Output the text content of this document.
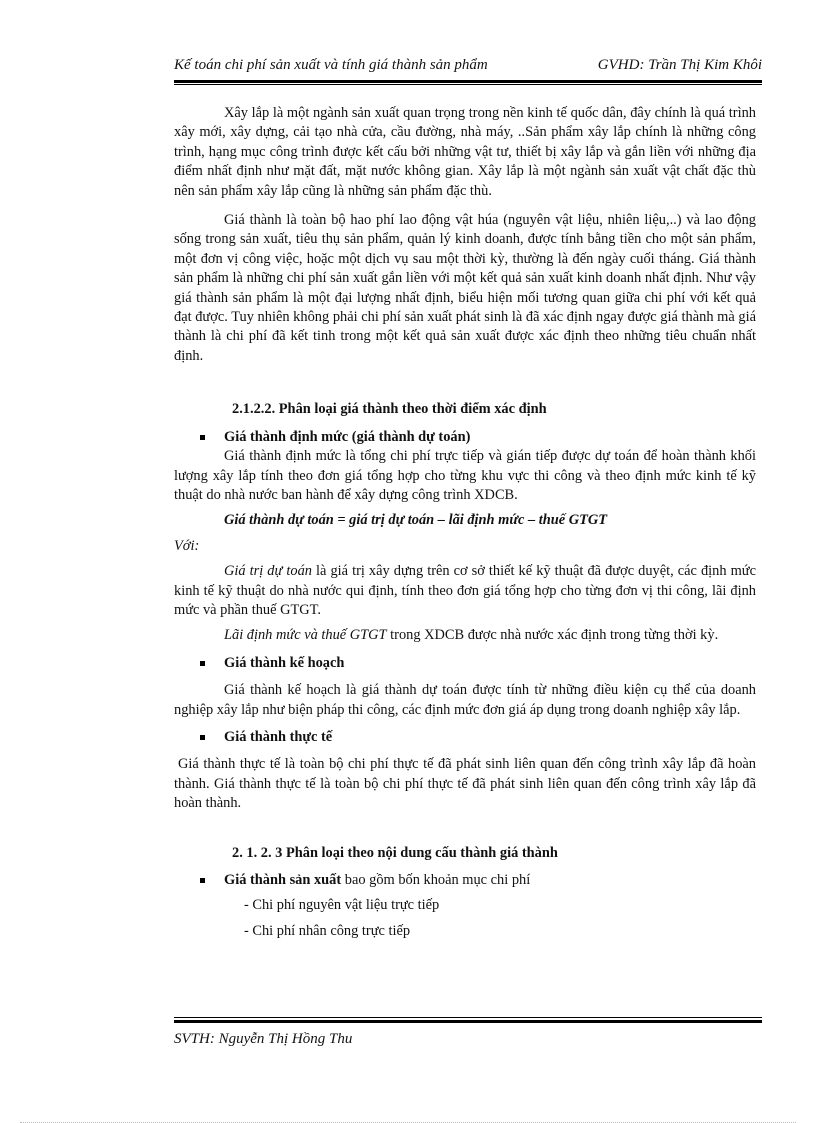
Kế toán chi phí sản xuất và tính giá thành sản phẩm	GVHD: Trần Thị Kim Khôi

Xây lắp là một ngành sản xuất quan trọng trong nền kinh tế quốc dân, đây chính là quá trình xây mới, xây dựng, cải tạo nhà cửa, cầu đường, nhà máy, ..Sản phẩm xây lắp chính là những công trình, hạng mục công trình được kết cấu bởi những vật tư, thiết bị xây lắp và gắn liền với những địa điểm nhất định như mặt đất, mặt nước không gian. Xây lắp là một ngành sản xuất vật chất đặc thù nên sản phẩm xây lắp cũng là những sản phẩm đặc thù.

Giá thành là toàn bộ hao phí lao động vật húa (nguyên vật liệu, nhiên liệu,..) và lao động sống trong sản xuất, tiêu thụ sản phẩm, quản lý kinh doanh, được tính bằng tiền cho một sản phẩm, một đơn vị công việc, hoặc một dịch vụ sau một thời kỳ, thường là đến ngày cuối tháng. Giá thành sản phẩm là những chi phí sản xuất gắn liền với một kết quả sản xuất kinh doanh nhất định. Như vậy giá thành sản phẩm là một đại lượng nhất định, biểu hiện mối tương quan giữa chi phí với kết quả đạt được. Tuy nhiên không phải chi phí sản xuất phát sinh là đã xác định ngay được giá thành mà giá thành là chi phí đã kết tinh trong một kết quả sản xuất được xác định theo những tiêu chuẩn nhất định.

2.1.2.2. Phân loại giá thành theo thời điểm xác định
Giá thành định mức (giá thành dự toán)

Giá thành định mức là tổng chi phí trực tiếp và gián tiếp được dự toán để hoàn thành khối lượng xây lắp tính theo đơn giá tổng hợp cho từng khu vực thi công và theo định mức kinh tế kỹ thuật do nhà nước ban hành để xây dựng công trình XDCB.

Giá thành dự toán = giá trị dự toán – lãi định mức – thuế GTGT
Với:

Giá trị dự toán là giá trị xây dựng trên cơ sở thiết kế kỹ thuật đã được duyệt, các định mức kinh tế kỹ thuật do nhà nước qui định, tính theo đơn giá tổng hợp cho từng đơn vị thi công, lãi định mức và phần thuế GTGT.

Lãi định mức và thuế GTGT trong XDCB được nhà nước xác định trong từng thời kỳ.

Giá thành kế hoạch

Giá thành kế hoạch là giá thành dự toán được tính từ những điều kiện cụ thể của doanh nghiệp xây lắp như biện pháp thi công, các định mức đơn giá áp dụng trong doanh nghiệp xây lắp.

Giá thành thực tế

Giá thành thực tế là toàn bộ chi phí thực tế đã phát sinh liên quan đến công trình xây lắp đã hoàn thành. Giá thành thực tế là toàn bộ chi phí thực tế đã phát sinh liên quan đến công trình xây lắp đã hoàn thành.

2. 1. 2. 3 Phân loại theo nội dung cấu thành giá thành
Giá thành sản xuất bao gồm bốn khoản mục chi phí
- Chi phí nguyên vật liệu trực tiếp
- Chi phí nhân công trực tiếp
SVTH: Nguyễn Thị Hồng Thu
